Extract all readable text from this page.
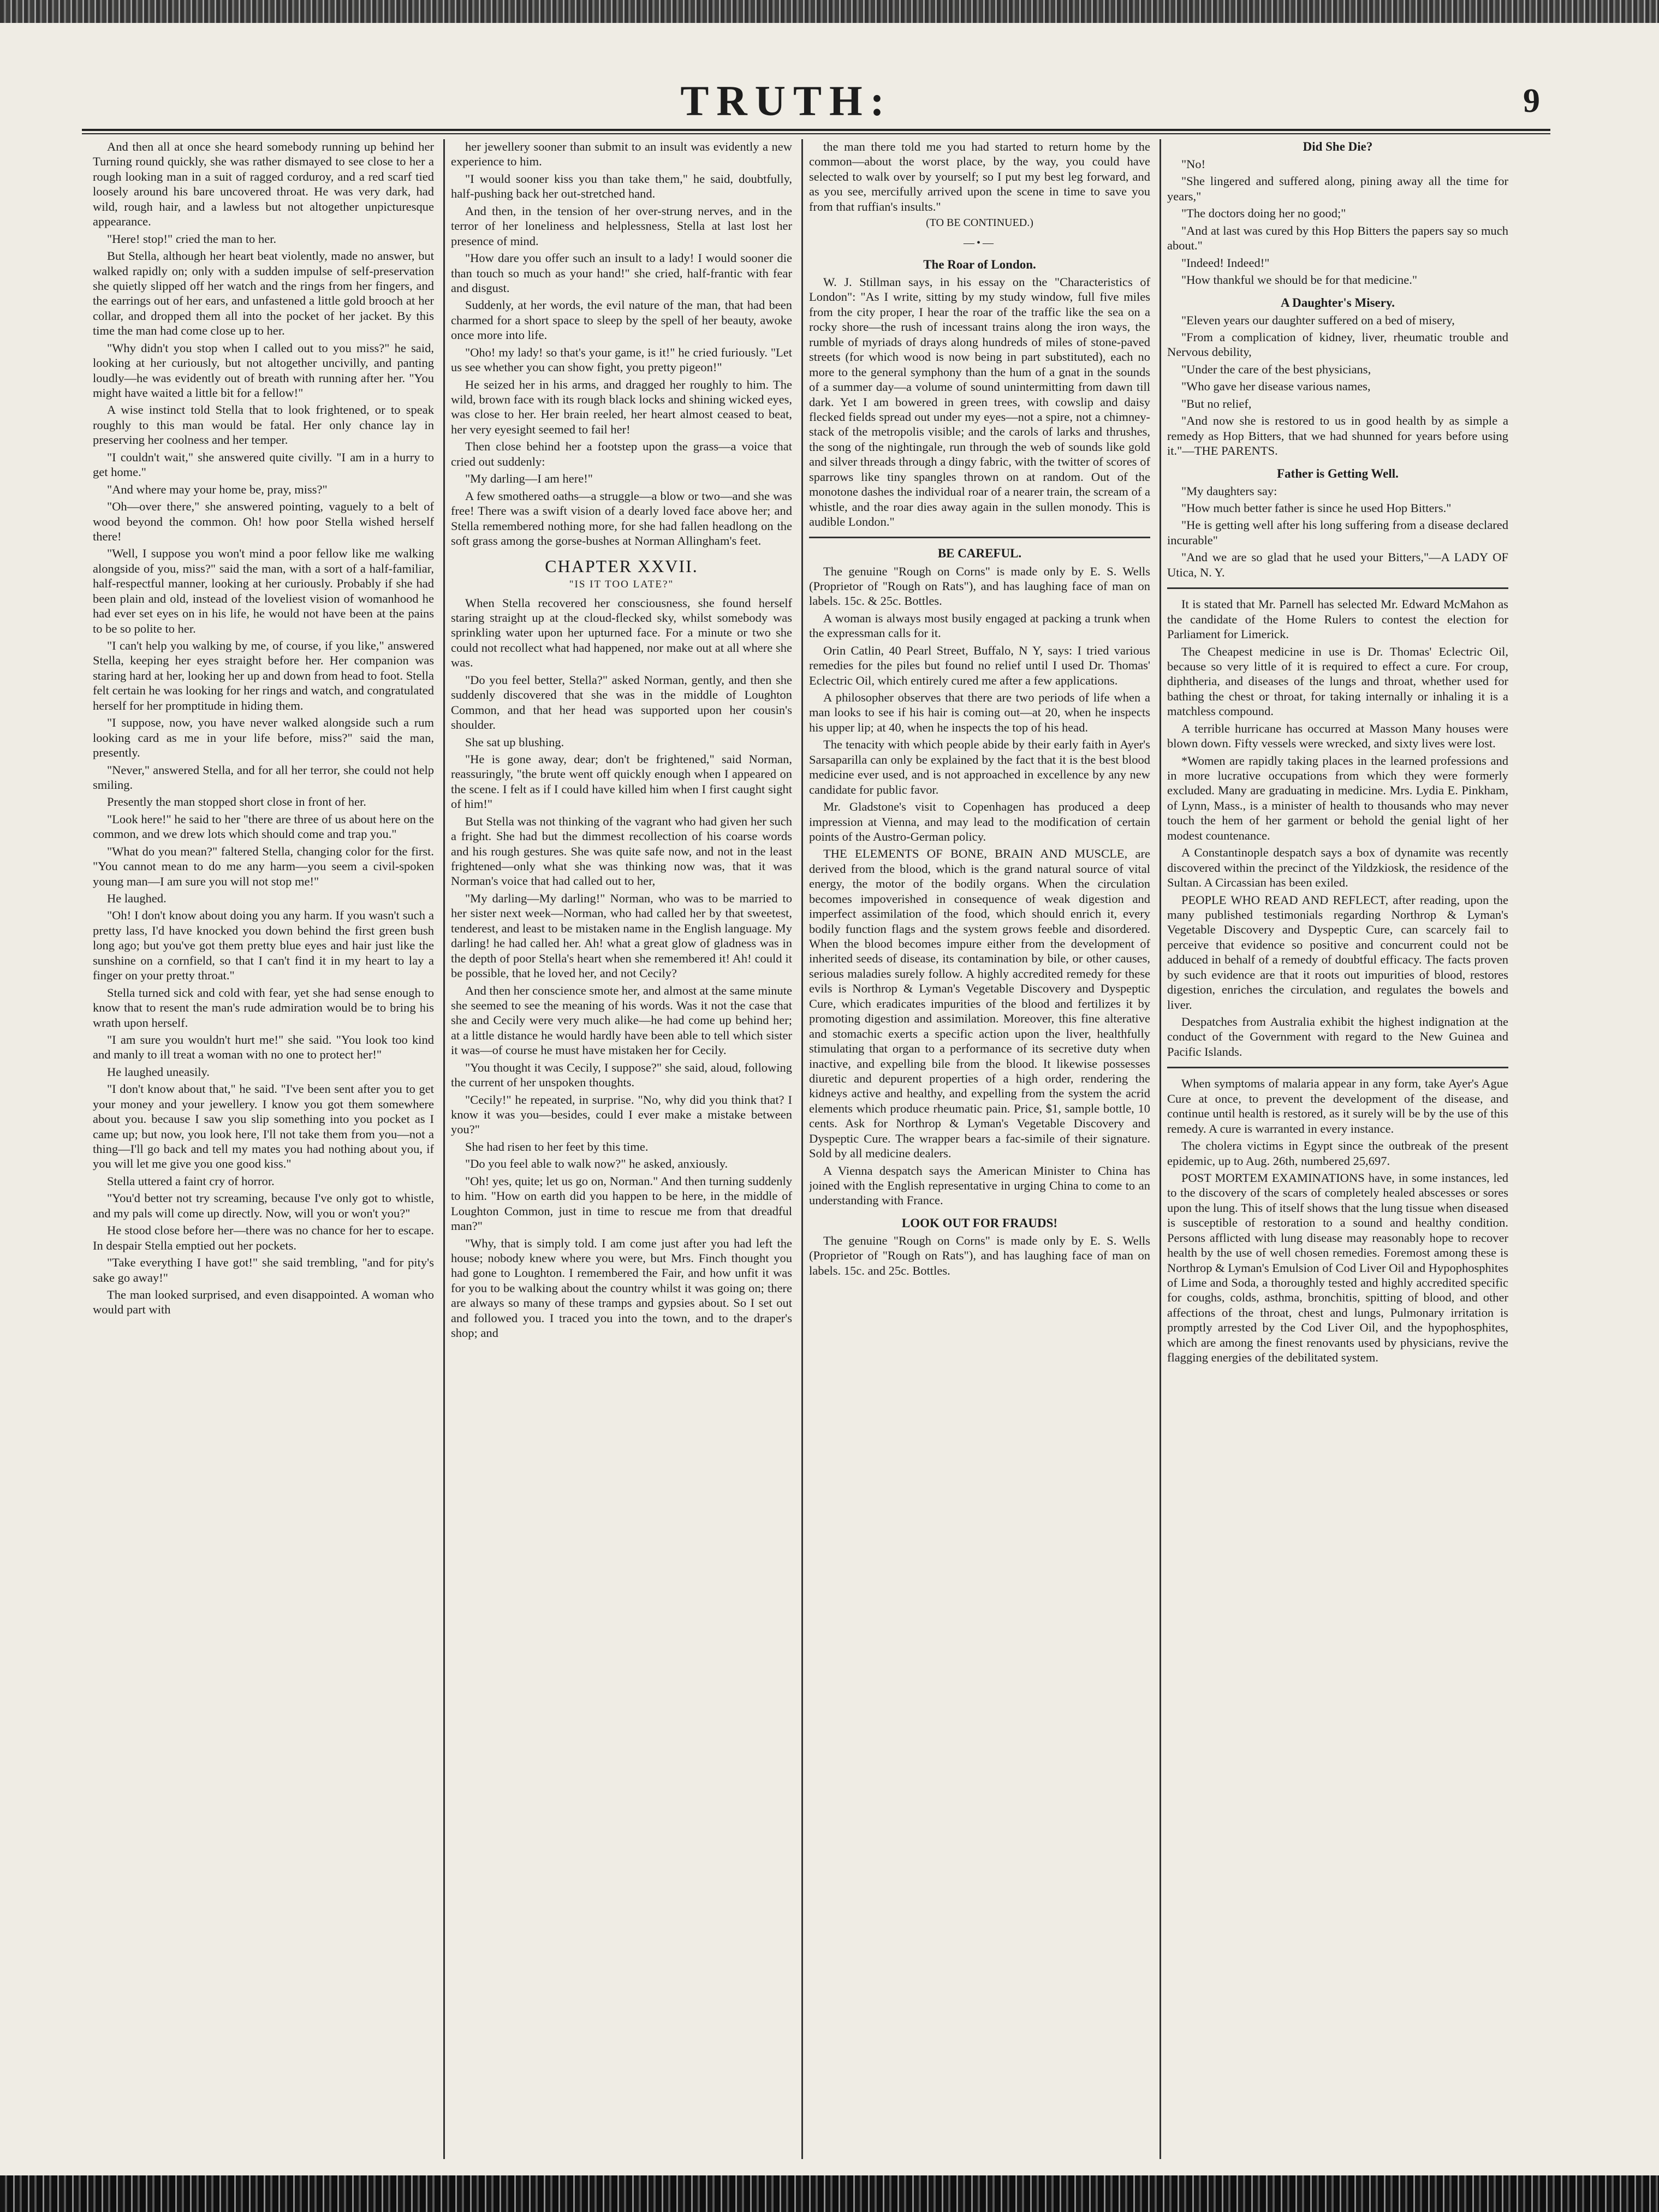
TRUTH:	9

And then all at once she heard somebody running up behind her Turning round quickly, she was rather dismayed to see close to her a rough looking man in a suit of ragged corduroy, and a red scarf tied loosely around his bare uncovered throat. He was very dark, had wild, rough hair, and a lawless but not altogether unpicturesque appearance.

"Here! stop!" cried the man to her.

But Stella, although her heart beat violently, made no answer, but walked rapidly on; only with a sudden impulse of self-preservation she quietly slipped off her watch and the rings from her fingers, and the earrings out of her ears, and unfastened a little gold brooch at her collar, and dropped them all into the pocket of her jacket. By this time the man had come close up to her.

"Why didn't you stop when I called out to you miss?" he said, looking at her curiously, but not altogether uncivilly, and panting loudly—he was evidently out of breath with running after her. "You might have waited a little bit for a fellow!"

A wise instinct told Stella that to look frightened, or to speak roughly to this man would be fatal. Her only chance lay in preserving her coolness and her temper.

"I couldn't wait," she answered quite civilly. "I am in a hurry to get home."

"And where may your home be, pray, miss?"

"Oh—over there," she answered pointing, vaguely to a belt of wood beyond the common. Oh! how poor Stella wished herself there!

"Well, I suppose you won't mind a poor fellow like me walking alongside of you, miss?" said the man, with a sort of a half-familiar, half-respectful manner, looking at her curiously. Probably if she had been plain and old, instead of the loveliest vision of womanhood he had ever set eyes on in his life, he would not have been at the pains to be so polite to her.

"I can't help you walking by me, of course, if you like," answered Stella, keeping her eyes straight before her. Her companion was staring hard at her, looking her up and down from head to foot. Stella felt certain he was looking for her rings and watch, and congratulated herself for her promptitude in hiding them.

"I suppose, now, you have never walked alongside such a rum looking card as me in your life before, miss?" said the man, presently.

"Never," answered Stella, and for all her terror, she could not help smiling.

Presently the man stopped short close in front of her.

"Look here!" he said to her "there are three of us about here on the common, and we drew lots which should come and trap you."

"What do you mean?" faltered Stella, changing color for the first. "You cannot mean to do me any harm—you seem a civil-spoken young man—I am sure you will not stop me!"

He laughed.

"Oh! I don't know about doing you any harm. If you wasn't such a pretty lass, I'd have knocked you down behind the first green bush long ago; but you've got them pretty blue eyes and hair just like the sunshine on a cornfield, so that I can't find it in my heart to lay a finger on your pretty throat."

Stella turned sick and cold with fear, yet she had sense enough to know that to resent the man's rude admiration would be to bring his wrath upon herself.

"I am sure you wouldn't hurt me!" she said. "You look too kind and manly to ill treat a woman with no one to protect her!"

He laughed uneasily.

"I don't know about that," he said. "I've been sent after you to get your money and your jewellery. I know you got them somewhere about you. because I saw you slip something into you pocket as I came up; but now, you look here, I'll not take them from you—not a thing—I'll go back and tell my mates you had nothing about you, if you will let me give you one good kiss."

Stella uttered a faint cry of horror.

"You'd better not try screaming, because I've only got to whistle, and my pals will come up directly. Now, will you or won't you?"

He stood close before her—there was no chance for her to escape. In despair Stella emptied out her pockets.

"Take everything I have got!" she said trembling, "and for pity's sake go away!"

The man looked surprised, and even disappointed. A woman who would part with

her jewellery sooner than submit to an insult was evidently a new experience to him.

"I would sooner kiss you than take them," he said, doubtfully, half-pushing back her out-stretched hand.

And then, in the tension of her over-strung nerves, and in the terror of her loneliness and helplessness, Stella at last lost her presence of mind.

"How dare you offer such an insult to a lady! I would sooner die than touch so much as your hand!" she cried, half-frantic with fear and disgust.

Suddenly, at her words, the evil nature of the man, that had been charmed for a short space to sleep by the spell of her beauty, awoke once more into life.

"Oho! my lady! so that's your game, is it!" he cried furiously. "Let us see whether you can show fight, you pretty pigeon!"

He seized her in his arms, and dragged her roughly to him. The wild, brown face with its rough black locks and shining wicked eyes, was close to her. Her brain reeled, her heart almost ceased to beat, her very eyesight seemed to fail her!

Then close behind her a footstep upon the grass—a voice that cried out suddenly:

"My darling—I am here!"

A few smothered oaths—a struggle—a blow or two—and she was free! There was a swift vision of a dearly loved face above her; and Stella remembered nothing more, for she had fallen headlong on the soft grass among the gorse-bushes at Norman Allingham's feet.

CHAPTER XXVII.
"IS IT TOO LATE?"

When Stella recovered her consciousness, she found herself staring straight up at the cloud-flecked sky, whilst somebody was sprinkling water upon her upturned face. For a minute or two she could not recollect what had happened, nor make out at all where she was.

"Do you feel better, Stella?" asked Norman, gently, and then she suddenly discovered that she was in the middle of Loughton Common, and that her head was supported upon her cousin's shoulder.

She sat up blushing.

"He is gone away, dear; don't be frightened," said Norman, reassuringly, "the brute went off quickly enough when I appeared on the scene. I felt as if I could have killed him when I first caught sight of him!"

But Stella was not thinking of the vagrant who had given her such a fright. She had but the dimmest recollection of his coarse words and his rough gestures. She was quite safe now, and not in the least frightened—only what she was thinking now was, that it was Norman's voice that had called out to her,

"My darling—My darling!" Norman, who was to be married to her sister next week—Norman, who had called her by that sweetest, tenderest, and least to be mistaken name in the English language. My darling! he had called her. Ah! what a great glow of gladness was in the depth of poor Stella's heart when she remembered it! Ah! could it be possible, that he loved her, and not Cecily?

And then her conscience smote her, and almost at the same minute she seemed to see the meaning of his words. Was it not the case that she and Cecily were very much alike—he had come up behind her; at a little distance he would hardly have been able to tell which sister it was—of course he must have mistaken her for Cecily.

"You thought it was Cecily, I suppose?" she said, aloud, following the current of her unspoken thoughts.

"Cecily!" he repeated, in surprise. "No, why did you think that? I know it was you—besides, could I ever make a mistake between you?"

She had risen to her feet by this time.

"Do you feel able to walk now?" he asked, anxiously.

"Oh! yes, quite; let us go on, Norman." And then turning suddenly to him. "How on earth did you happen to be here, in the middle of Loughton Common, just in time to rescue me from that dreadful man?"

"Why, that is simply told. I am come just after you had left the house; nobody knew where you were, but Mrs. Finch thought you had gone to Loughton. I remembered the Fair, and how unfit it was for you to be walking about the country whilst it was going on; there are always so many of these tramps and gypsies about. So I set out and followed you. I traced you into the town, and to the draper's shop; and

the man there told me you had started to return home by the common—about the worst place, by the way, you could have selected to walk over by yourself; so I put my best leg forward, and as you see, mercifully arrived upon the scene in time to save you from that ruffian's insults."

(TO BE CONTINUED.)
—•—
The Roar of London.

W. J. Stillman says, in his essay on the "Characteristics of London": "As I write, sitting by my study window, full five miles from the city proper, I hear the roar of the traffic like the sea on a rocky shore—the rush of incessant trains along the iron ways, the rumble of myriads of drays along hundreds of miles of stone-paved streets (for which wood is now being in part substituted), each no more to the general symphony than the hum of a gnat in the sounds of a summer day—a volume of sound unintermitting from dawn till dark. Yet I am bowered in green trees, with cowslip and daisy flecked fields spread out under my eyes—not a spire, not a chimney-stack of the metropolis visible; and the carols of larks and thrushes, the song of the nightingale, run through the web of sounds like gold and silver threads through a dingy fabric, with the twitter of scores of sparrows like tiny spangles thrown on at random. Out of the monotone dashes the individual roar of a nearer train, the scream of a whistle, and the roar dies away again in the sullen monody. This is audible London."

BE CAREFUL.

The genuine "Rough on Corns" is made only by E. S. Wells (Proprietor of "Rough on Rats"), and has laughing face of man on labels. 15c. & 25c. Bottles.

A woman is always most busily engaged at packing a trunk when the expressman calls for it.

Orin Catlin, 40 Pearl Street, Buffalo, N Y, says: I tried various remedies for the piles but found no relief until I used Dr. Thomas' Eclectric Oil, which entirely cured me after a few applications.

A philosopher observes that there are two periods of life when a man looks to see if his hair is coming out—at 20, when he inspects his upper lip; at 40, when he inspects the top of his head.

The tenacity with which people abide by their early faith in Ayer's Sarsaparilla can only be explained by the fact that it is the best blood medicine ever used, and is not approached in excellence by any new candidate for public favor.

Mr. Gladstone's visit to Copenhagen has produced a deep impression at Vienna, and may lead to the modification of certain points of the Austro-German policy.

THE ELEMENTS OF BONE, BRAIN AND MUSCLE, are derived from the blood, which is the grand natural source of vital energy, the motor of the bodily organs. When the circulation becomes impoverished in consequence of weak digestion and imperfect assimilation of the food, which should enrich it, every bodily function flags and the system grows feeble and disordered. When the blood becomes impure either from the development of inherited seeds of disease, its contamination by bile, or other causes, serious maladies surely follow. A highly accredited remedy for these evils is Northrop & Lyman's Vegetable Discovery and Dyspeptic Cure, which eradicates impurities of the blood and fertilizes it by promoting digestion and assimilation. Moreover, this fine alterative and stomachic exerts a specific action upon the liver, healthfully stimulating that organ to a performance of its secretive duty when inactive, and expelling bile from the blood. It likewise possesses diuretic and depurent properties of a high order, rendering the kidneys active and healthy, and expelling from the system the acrid elements which produce rheumatic pain. Price, $1, sample bottle, 10 cents. Ask for Northrop & Lyman's Vegetable Discovery and Dyspeptic Cure. The wrapper bears a fac-simile of their signature. Sold by all medicine dealers.

A Vienna despatch says the American Minister to China has joined with the English representative in urging China to come to an understanding with France.

LOOK OUT FOR FRAUDS!

The genuine "Rough on Corns" is made only by E. S. Wells (Proprietor of "Rough on Rats"), and has laughing face of man on labels. 15c. and 25c. Bottles.

Did She Die?

"No!

"She lingered and suffered along, pining away all the time for years,"

"The doctors doing her no good;"

"And at last was cured by this Hop Bitters the papers say so much about."

"Indeed! Indeed!"

"How thankful we should be for that medicine."

A Daughter's Misery.

"Eleven years our daughter suffered on a bed of misery,

"From a complication of kidney, liver, rheumatic trouble and Nervous debility,

"Under the care of the best physicians,

"Who gave her disease various names,

"But no relief,

"And now she is restored to us in good health by as simple a remedy as Hop Bitters, that we had shunned for years before using it."—THE PARENTS.

Father is Getting Well.

"My daughters say:

"How much better father is since he used Hop Bitters."

"He is getting well after his long suffering from a disease declared incurable"

"And we are so glad that he used your Bitters,"—A LADY OF Utica, N. Y.

It is stated that Mr. Parnell has selected Mr. Edward McMahon as the candidate of the Home Rulers to contest the election for Parliament for Limerick.

The Cheapest medicine in use is Dr. Thomas' Eclectric Oil, because so very little of it is required to effect a cure. For croup, diphtheria, and diseases of the lungs and throat, whether used for bathing the chest or throat, for taking internally or inhaling it is a matchless compound.

A terrible hurricane has occurred at Masson Many houses were blown down. Fifty vessels were wrecked, and sixty lives were lost.

*Women are rapidly taking places in the learned professions and in more lucrative occupations from which they were formerly excluded. Many are graduating in medicine. Mrs. Lydia E. Pinkham, of Lynn, Mass., is a minister of health to thousands who may never touch the hem of her garment or behold the genial light of her modest countenance.

A Constantinople despatch says a box of dynamite was recently discovered within the precinct of the Yildzkiosk, the residence of the Sultan. A Circassian has been exiled.

PEOPLE WHO READ AND REFLECT, after reading, upon the many published testimonials regarding Northrop & Lyman's Vegetable Discovery and Dyspeptic Cure, can scarcely fail to perceive that evidence so positive and concurrent could not be adduced in behalf of a remedy of doubtful efficacy. The facts proven by such evidence are that it roots out impurities of blood, restores digestion, enriches the circulation, and regulates the bowels and liver.

Despatches from Australia exhibit the highest indignation at the conduct of the Government with regard to the New Guinea and Pacific Islands.

When symptoms of malaria appear in any form, take Ayer's Ague Cure at once, to prevent the development of the disease, and continue until health is restored, as it surely will be by the use of this remedy. A cure is warranted in every instance.

The cholera victims in Egypt since the outbreak of the present epidemic, up to Aug. 26th, numbered 25,697.

POST MORTEM EXAMINATIONS have, in some instances, led to the discovery of the scars of completely healed abscesses or sores upon the lung. This of itself shows that the lung tissue when diseased is susceptible of restoration to a sound and healthy condition. Persons afflicted with lung disease may reasonably hope to recover health by the use of well chosen remedies. Foremost among these is Northrop & Lyman's Emulsion of Cod Liver Oil and Hypophosphites of Lime and Soda, a thoroughly tested and highly accredited specific for coughs, colds, asthma, bronchitis, spitting of blood, and other affections of the throat, chest and lungs, Pulmonary irritation is promptly arrested by the Cod Liver Oil, and the hypophosphites, which are among the finest renovants used by physicians, revive the flagging energies of the debilitated system.
